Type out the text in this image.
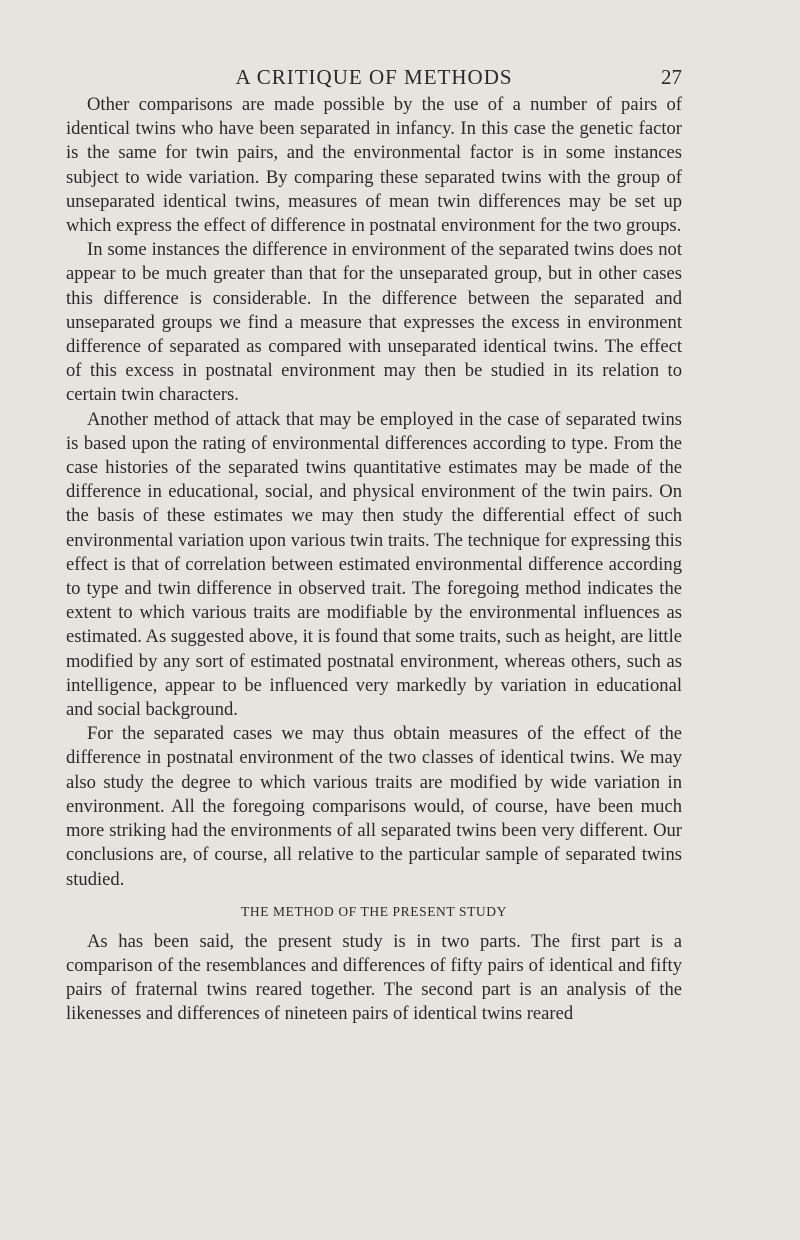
A CRITIQUE OF METHODS	27

Other comparisons are made possible by the use of a number of pairs of identical twins who have been separated in infancy. In this case the genetic factor is the same for twin pairs, and the environmental factor is in some instances subject to wide variation. By comparing these separated twins with the group of unseparated identical twins, measures of mean twin differences may be set up which express the effect of difference in postnatal environment for the two groups.

In some instances the difference in environment of the separated twins does not appear to be much greater than that for the unseparated group, but in other cases this difference is considerable. In the difference between the separated and unseparated groups we find a measure that expresses the excess in environment difference of separated as compared with unseparated identical twins. The effect of this excess in postnatal environment may then be studied in its relation to certain twin characters.

Another method of attack that may be employed in the case of separated twins is based upon the rating of environmental differences according to type. From the case histories of the separated twins quantitative estimates may be made of the difference in educational, social, and physical environment of the twin pairs. On the basis of these estimates we may then study the differential effect of such environmental variation upon various twin traits. The technique for expressing this effect is that of correlation between estimated environmental difference according to type and twin difference in observed trait. The foregoing method indicates the extent to which various traits are modifiable by the environmental influences as estimated. As suggested above, it is found that some traits, such as height, are little modified by any sort of estimated postnatal environment, whereas others, such as intelligence, appear to be influenced very markedly by variation in educational and social background.

For the separated cases we may thus obtain measures of the effect of the difference in postnatal environment of the two classes of identical twins. We may also study the degree to which various traits are modified by wide variation in environment. All the foregoing comparisons would, of course, have been much more striking had the environments of all separated twins been very different. Our conclusions are, of course, all relative to the particular sample of separated twins studied.

THE METHOD OF THE PRESENT STUDY

As has been said, the present study is in two parts. The first part is a comparison of the resemblances and differences of fifty pairs of identical and fifty pairs of fraternal twins reared together. The second part is an analysis of the likenesses and differences of nineteen pairs of identical twins reared
